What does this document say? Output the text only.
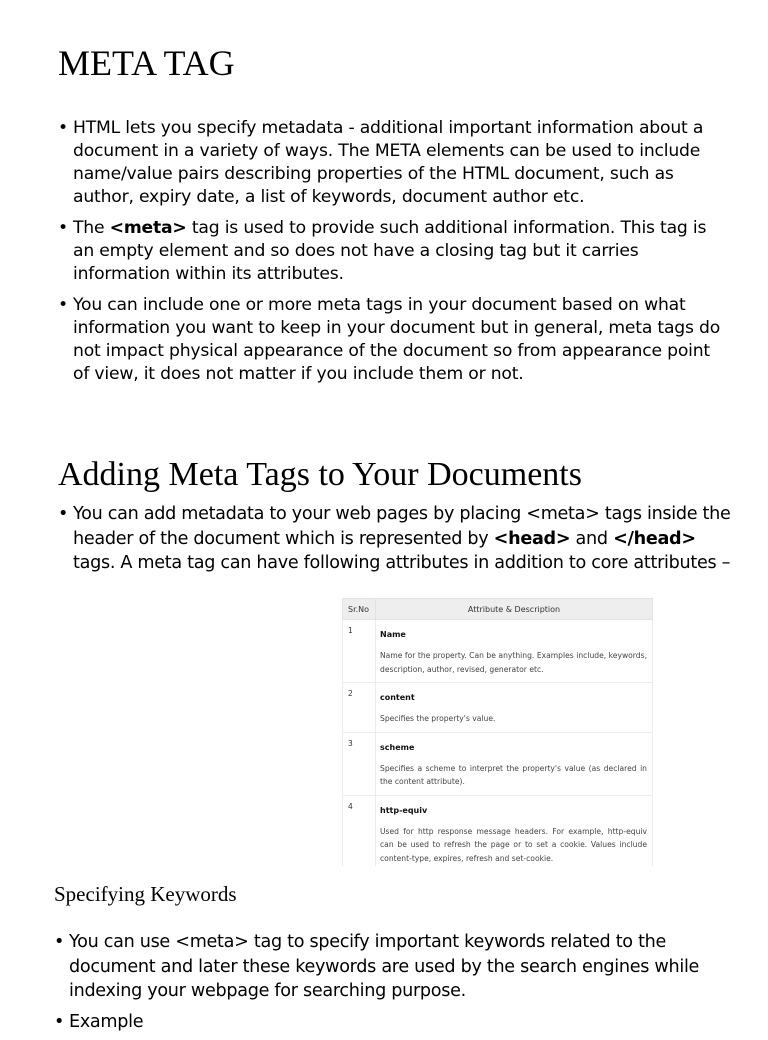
META TAG
• HTML lets you specify metadata - additional important information about a document in a variety of ways. The META elements can be used to include name/value pairs describing properties of the HTML document, such as author, expiry date, a list of keywords, document author etc.
• The <meta> tag is used to provide such additional information. This tag is an empty element and so does not have a closing tag but it carries information within its attributes.
• You can include one or more meta tags in your document based on what information you want to keep in your document but in general, meta tags do not impact physical appearance of the document so from appearance point of view, it does not matter if you include them or not.
Adding Meta Tags to Your Documents
• You can add metadata to your web pages by placing <meta> tags inside the header of the document which is represented by <head> and </head> tags. A meta tag can have following attributes in addition to core attributes –
Sr.No	Attribute & Description
1	Name
Name for the property. Can be anything. Examples include, keywords, description, author, revised, generator etc.

2	content
Specifies the property's value.

3	scheme
Specifies a scheme to interpret the property's value (as declared in the content attribute).

4	http-equiv
Used for http response message headers. For example, http-equiv can be used to refresh the page or to set a cookie. Values include content-type, expires, refresh and set-cookie.
Specifying Keywords
• You can use <meta> tag to specify important keywords related to the document and later these keywords are used by the search engines while indexing your webpage for searching purpose.
• Example
